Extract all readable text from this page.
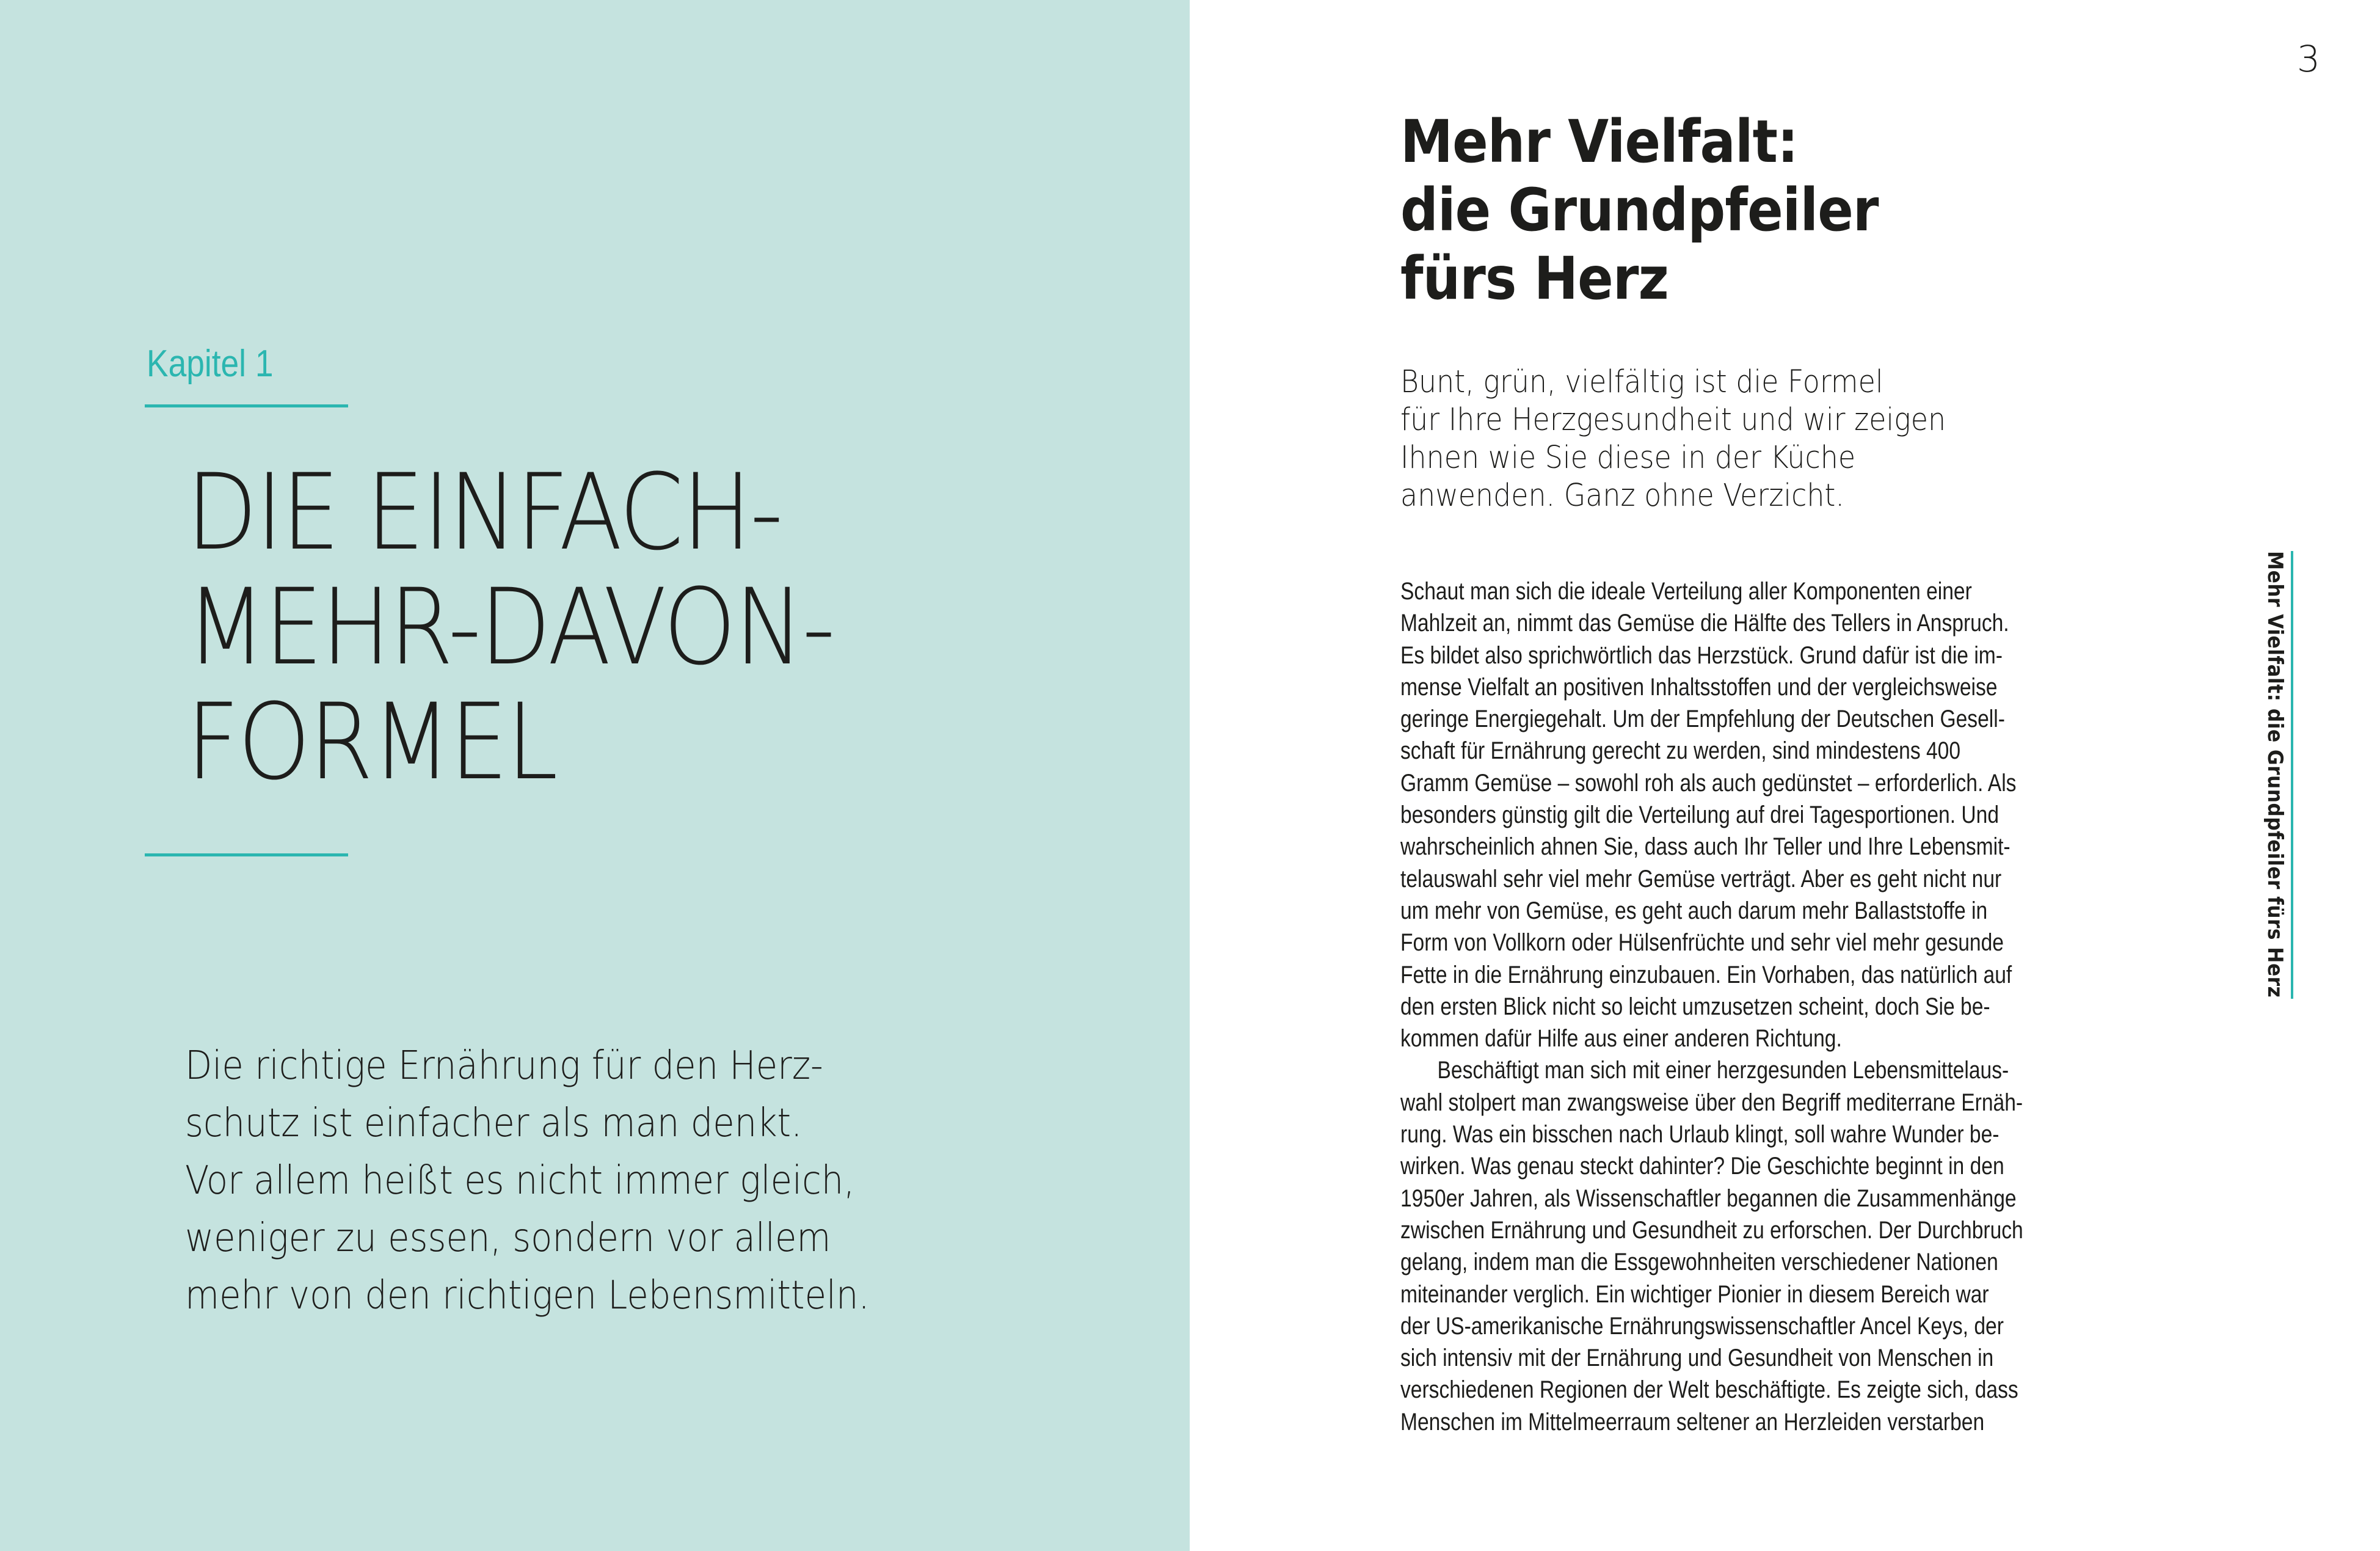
Kapitel 1
DIE EINFACH-
MEHR-DAVON-
FORMEL
Die richtige Ernährung für den Herz-
schutz ist einfacher als man denkt.
Vor allem heißt es nicht immer gleich,
weniger zu essen, sondern vor allem
mehr von den richtigen Lebensmitteln.
3
Mehr Vielfalt:
die Grundpfeiler
fürs Herz
Bunt, grün, vielfältig ist die Formel
für Ihre Herzgesundheit und wir zeigen
Ihnen wie Sie diese in der Küche
anwenden. Ganz ohne Verzicht.
Schaut man sich die ideale Verteilung aller Komponenten einer
Mahlzeit an, nimmt das Gemüse die Hälfte des Tellers in Anspruch.
Es bildet also sprichwörtlich das Herzstück. Grund dafür ist die im-
mense Vielfalt an positiven Inhaltsstoffen und der vergleichsweise
geringe Energiegehalt. Um der Empfehlung der Deutschen Gesell-
schaft für Ernährung gerecht zu werden, sind mindestens 400
Gramm Gemüse – sowohl roh als auch gedünstet – erforderlich. Als
besonders günstig gilt die Verteilung auf drei Tagesportionen. Und
wahrscheinlich ahnen Sie, dass auch Ihr Teller und Ihre Lebensmit-
telauswahl sehr viel mehr Gemüse verträgt. Aber es geht nicht nur
um mehr von Gemüse, es geht auch darum mehr Ballaststoffe in
Form von Vollkorn oder Hülsenfrüchte und sehr viel mehr gesunde
Fette in die Ernährung einzubauen. Ein Vorhaben, das natürlich auf
den ersten Blick nicht so leicht umzusetzen scheint, doch Sie be-
kommen dafür Hilfe aus einer anderen Richtung.
Beschäftigt man sich mit einer herzgesunden Lebensmittelaus-
wahl stolpert man zwangsweise über den Begriff mediterrane Ernäh-
rung. Was ein bisschen nach Urlaub klingt, soll wahre Wunder be-
wirken. Was genau steckt dahinter? Die Geschichte beginnt in den
1950er Jahren, als Wissenschaftler begannen die Zusammenhänge
zwischen Ernährung und Gesundheit zu erforschen. Der Durchbruch
gelang, indem man die Essgewohnheiten verschiedener Nationen
miteinander verglich. Ein wichtiger Pionier in diesem Bereich war
der US-amerikanische Ernährungswissenschaftler Ancel Keys, der
sich intensiv mit der Ernährung und Gesundheit von Menschen in
verschiedenen Regionen der Welt beschäftigte. Es zeigte sich, dass
Menschen im Mittelmeerraum seltener an Herzleiden verstarben
Mehr Vielfalt: die Grundpfeiler fürs Herz
